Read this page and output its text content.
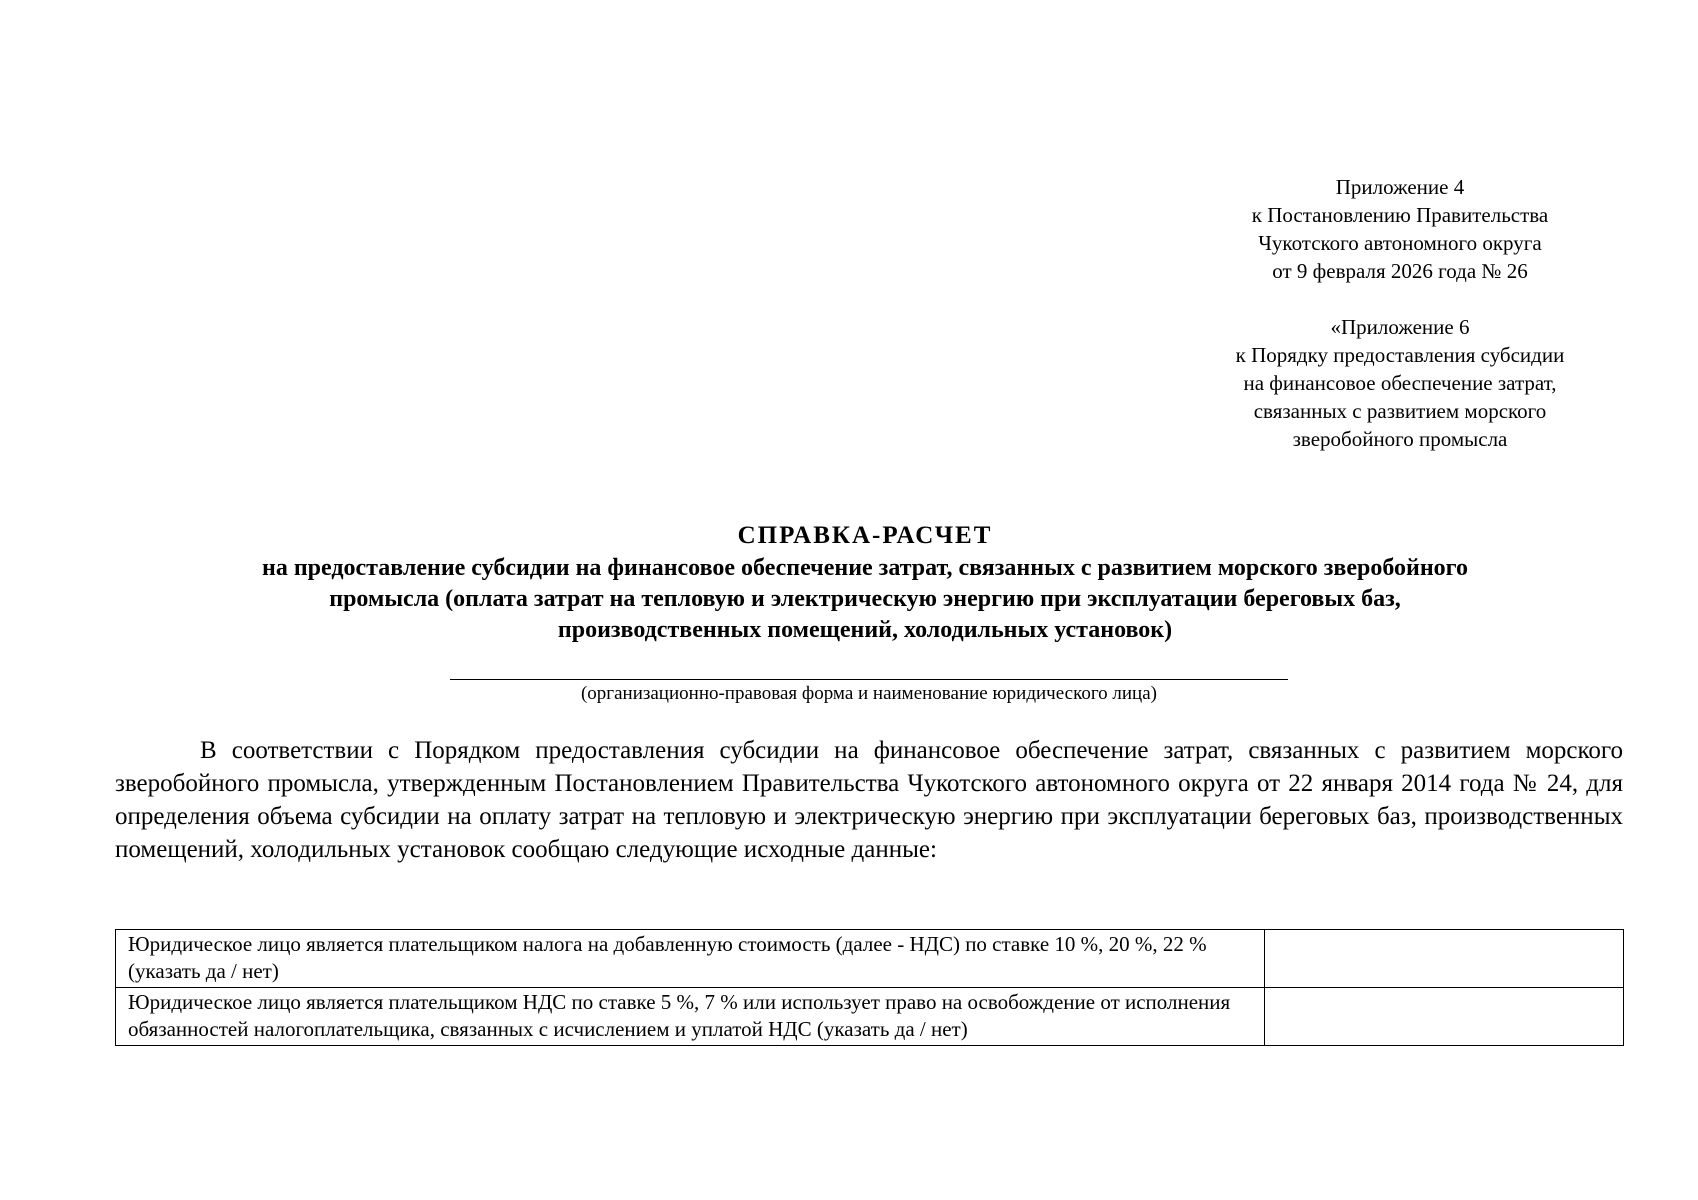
Приложение 4
к Постановлению Правительства
Чукотского автономного округа
от 9 февраля 2026 года № 26
«Приложение 6
к Порядку предоставления субсидии
на финансовое обеспечение затрат,
связанных с развитием морского
зверобойного промысла
СПРАВКА-РАСЧЕТ
на предоставление субсидии на финансовое обеспечение затрат, связанных с развитием морского зверобойного
промысла (оплата затрат на тепловую и электрическую энергию при эксплуатации береговых баз,
производственных помещений, холодильных установок)
(организационно-правовая форма и наименование юридического лица)

В соответствии с Порядком предоставления субсидии на финансовое обеспечение затрат, связанных с развитием морского зверобойного промысла, утвержденным Постановлением Правительства Чукотского автономного округа от 22 января 2014 года № 24, для определения объема субсидии на оплату затрат на тепловую и электрическую энергию при эксплуатации береговых баз, производственных помещений, холодильных установок сообщаю следующие исходные данные:

Юридическое лицо является плательщиком налога на добавленную стоимость (далее - НДС) по ставке 10 %, 20 %, 22 % (указать да / нет)	
Юридическое лицо является плательщиком НДС по ставке 5 %, 7 % или использует право на освобождение от исполнения обязанностей налогоплательщика, связанных с исчислением и уплатой НДС (указать да / нет)	
